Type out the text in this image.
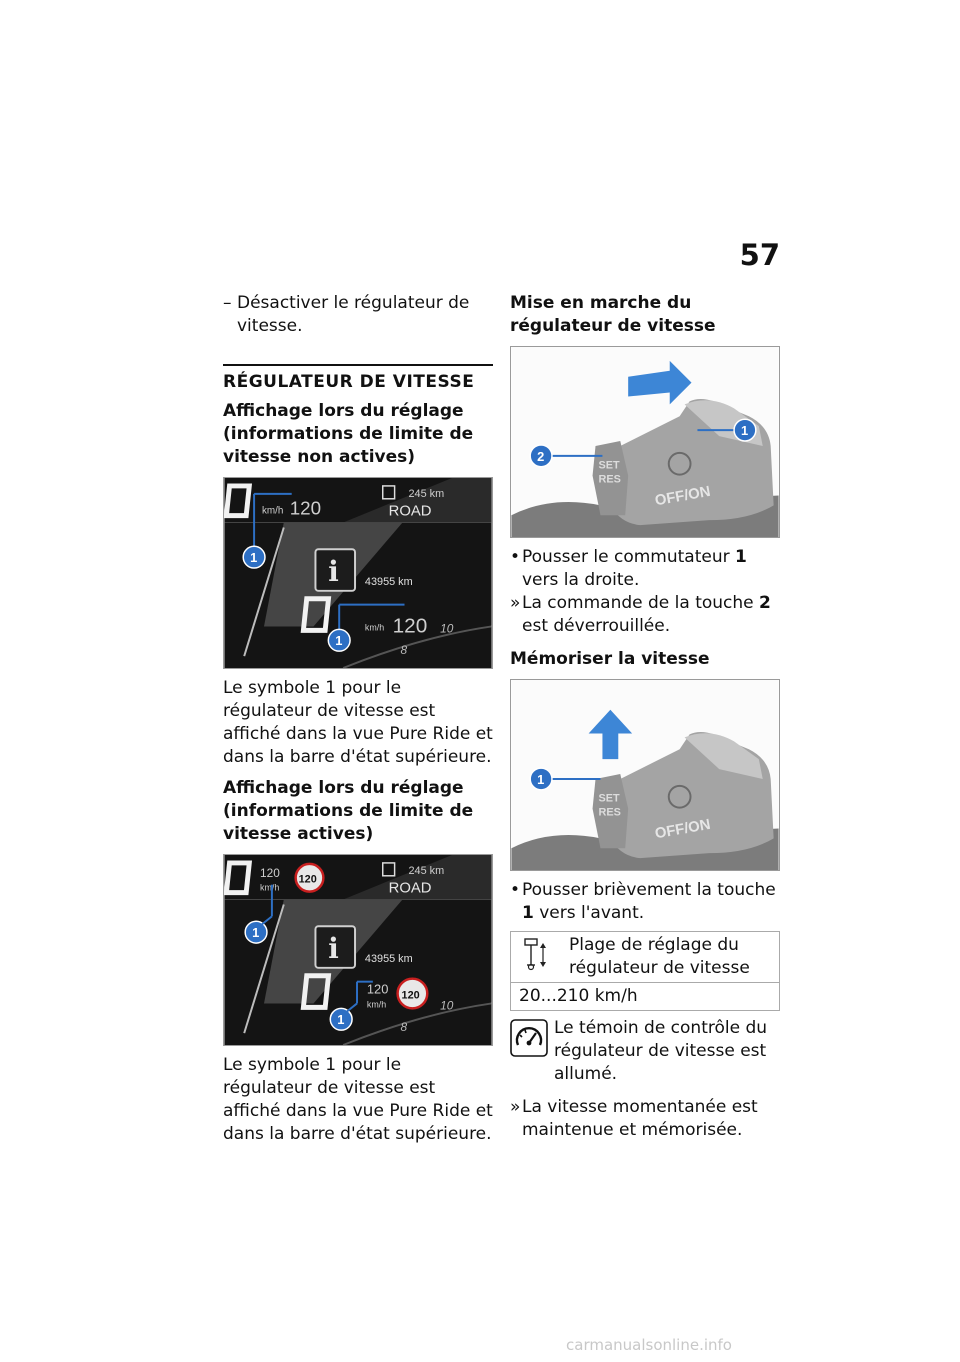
57

– Désactiver le régulateur de vitesse.

RÉGULATEUR DE VITESSE
Affichage lors du réglage (informations de limite de vitesse non actives)
km/h 120
245 km
ROAD
i 43955 km
km/h 120 10
8
1
1

Le symbole 1 pour le régulateur de vitesse est affiché dans la vue Pure Ride et dans la barre d'état supérieure.

Affichage lors du réglage (informations de limite de vitesse actives)
120
km/h
120
245 km
ROAD
i 43955 km
120
km/h
120
10
8
1
1

Le symbole 1 pour le régulateur de vitesse est affiché dans la vue Pure Ride et dans la barre d'état supérieure.

Mise en marche du régulateur de vitesse
SET
RES
OFF/ON
1
2

• Pousser le commutateur 1 vers la droite.

» La commande de la touche 2 est déverrouillée.

Mémoriser la vitesse
SET
RES
OFF/ON
1

• Pousser brièvement la touche 1 vers l'avant.

	Plage de réglage du régulateur de vitesse
20...210 km/h

Le témoin de contrôle du régulateur de vitesse est allumé.

» La vitesse momentanée est maintenue et mémorisée.

carmanualsonline.info
